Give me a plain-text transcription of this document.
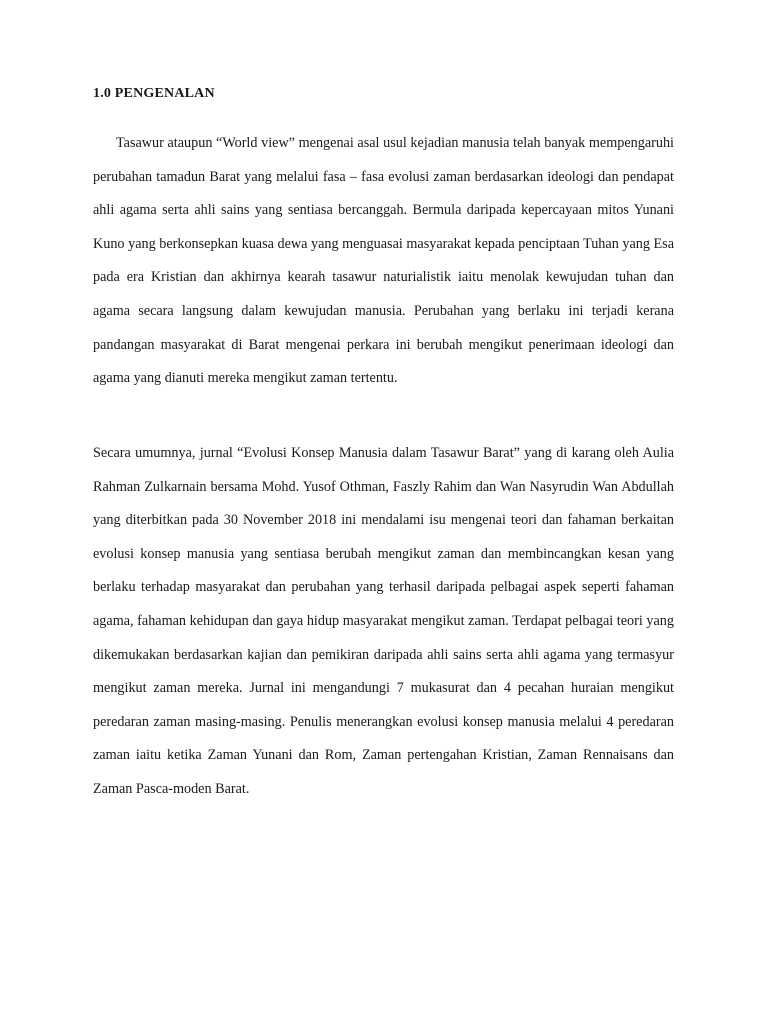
1.0 PENGENALAN

Tasawur ataupun “World view” mengenai asal usul kejadian manusia telah banyak mempengaruhi perubahan tamadun Barat yang melalui fasa – fasa evolusi zaman berdasarkan ideologi dan pendapat ahli agama serta ahli sains yang sentiasa bercanggah. Bermula daripada kepercayaan mitos Yunani Kuno yang berkonsepkan kuasa dewa yang menguasai masyarakat kepada penciptaan Tuhan yang Esa pada era Kristian dan akhirnya kearah tasawur naturialistik iaitu menolak kewujudan tuhan dan agama secara langsung dalam kewujudan manusia. Perubahan yang berlaku ini terjadi kerana pandangan masyarakat di Barat mengenai perkara ini berubah mengikut penerimaan ideologi dan agama yang dianuti mereka mengikut zaman tertentu.

Secara umumnya, jurnal “Evolusi Konsep Manusia dalam Tasawur Barat” yang di karang oleh Aulia Rahman Zulkarnain bersama Mohd. Yusof Othman, Faszly Rahim dan Wan Nasyrudin Wan Abdullah yang diterbitkan pada 30 November 2018 ini mendalami isu mengenai teori dan fahaman berkaitan evolusi konsep manusia yang sentiasa berubah mengikut zaman dan membincangkan kesan yang berlaku terhadap masyarakat dan perubahan yang terhasil daripada pelbagai aspek seperti fahaman agama, fahaman kehidupan dan gaya hidup masyarakat mengikut zaman. Terdapat pelbagai teori yang dikemukakan berdasarkan kajian dan pemikiran daripada ahli sains serta ahli agama yang termasyur mengikut zaman mereka. Jurnal ini mengandungi 7 mukasurat dan 4 pecahan huraian mengikut peredaran zaman masing-masing. Penulis menerangkan evolusi konsep manusia melalui 4 peredaran zaman iaitu ketika Zaman Yunani dan Rom, Zaman pertengahan Kristian, Zaman Rennaisans dan Zaman Pasca-moden Barat.
